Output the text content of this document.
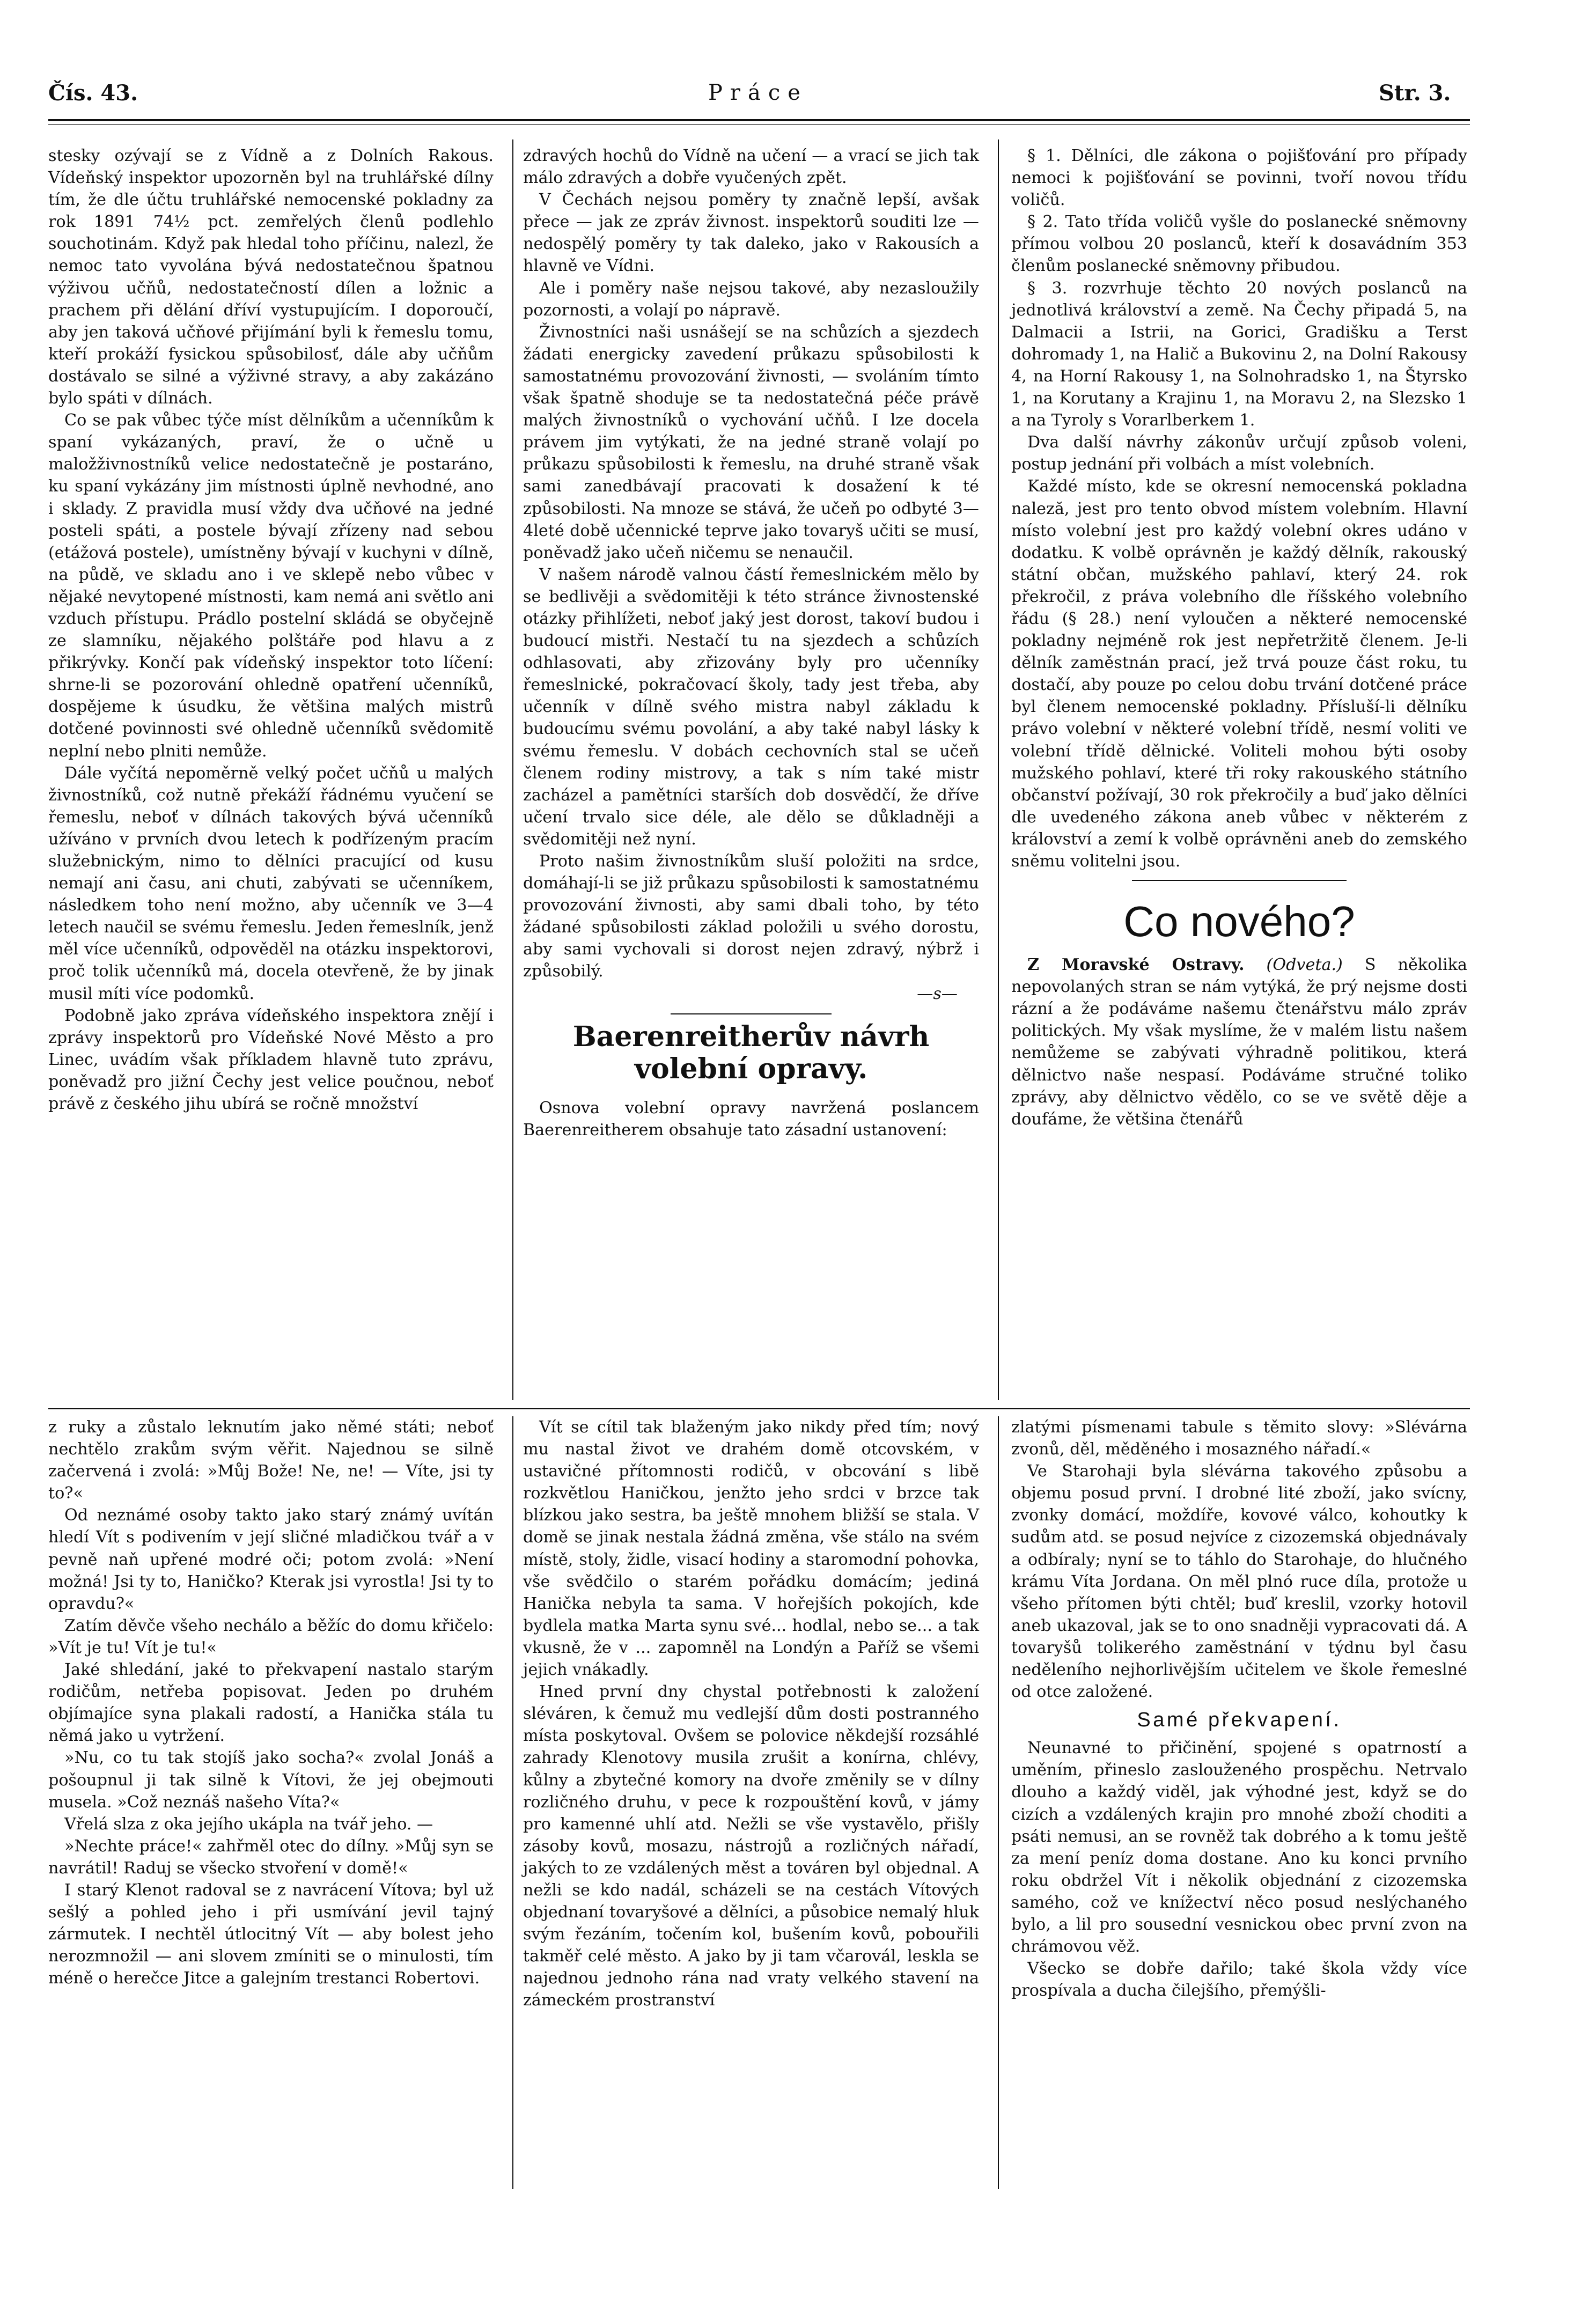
Čís. 43.	Práce	Str. 3.

stesky ozývají se z Vídně a z Dolních Rakous. Vídeňský inspektor upozorněn byl na truhlářské dílny tím, že dle účtu truhlářské nemocenské pokladny za rok 1891 74½ pct. zemřelých členů podlehlo souchotinám. Když pak hledal toho příčinu, nalezl, že nemoc tato vyvolána bývá nedostatečnou špatnou výživou učňů, nedostatečností dílen a ložnic a prachem při dělání dříví vystupujícím. I doporoučí, aby jen taková učňové přijímání byli k řemeslu tomu, kteří prokáží fysickou spůsobilosť, dále aby učňům dostávalo se silné a výživné stravy, a aby zakázáno bylo spáti v dílnách.

Co se pak vůbec týče míst dělníkům a učenníkům k spaní vykázaných, praví, že o učně u maložživnostníků velice nedostatečně je postaráno, ku spaní vykázány jim místnosti úplně nevhodné, ano i sklady. Z pravidla musí vždy dva učňové na jedné posteli spáti, a postele bývají zřízeny nad sebou (etážová postele), umístněny bývají v kuchyni v dílně, na půdě, ve skladu ano i ve sklepě nebo vůbec v nějaké nevytopené místnosti, kam nemá ani světlo ani vzduch přístupu. Prádlo postelní skládá se obyčejně ze slamníku, nějakého polštáře pod hlavu a z přikrývky. Končí pak vídeňský inspektor toto líčení: shrne-li se pozorování ohledně opatření učenníků, dospějeme k úsudku, že většina malých mistrů dotčené povinnosti své ohledně učenníků svědomitě neplní nebo plniti nemůže.

Dále vyčítá nepoměrně velký počet učňů u malých živnostníků, což nutně překáží řádnému vyučení se řemeslu, neboť v dílnách takových bývá učenníků užíváno v prvních dvou letech k podřízeným pracím služebnickým, nimo to dělníci pracující od kusu nemají ani času, ani chuti, zabývati se učenníkem, následkem toho není možno, aby učenník ve 3—4 letech naučil se svému řemeslu. Jeden řemeslník, jenž měl více učenníků, odpověděl na otázku inspektorovi, proč tolik učenníků má, docela otevřeně, že by jinak musil míti více podomků.

Podobně jako zpráva vídeňského inspektora znějí i zprávy inspektorů pro Vídeňské Nové Město a pro Linec, uvádím však příkladem hlavně tuto zprávu, poněvadž pro jižní Čechy jest velice poučnou, neboť právě z českého jihu ubírá se ročně množství

zdravých hochů do Vídně na učení — a vrací se jich tak málo zdravých a dobře vyučených zpět.

V Čechách nejsou poměry ty značně lepší, avšak přece — jak ze zpráv živnost. inspektorů souditi lze — nedospělý poměry ty tak daleko, jako v Rakousích a hlavně ve Vídni.

Ale i poměry naše nejsou takové, aby nezasloužily pozornosti, a volají po nápravě.

Živnostníci naši usnášejí se na schůzích a sjezdech žádati energicky zavedení průkazu spůsobilosti k samostatnému provozování živnosti, — svoláním tímto však špatně shoduje se ta nedostatečná péče právě malých živnostníků o vychování učňů. I lze docela právem jim vytýkati, že na jedné straně volají po průkazu spůsobilosti k řemeslu, na druhé straně však sami zanedbávají pracovati k dosažení k té způsobilosti. Na mnoze se stává, že učeň po odbyté 3—4leté době učennické teprve jako tovaryš učiti se musí, poněvadž jako učeň ničemu se nenaučil.

V našem národě valnou částí řemeslnickém mělo by se bedlivěji a svědomitěji k této stránce živnostenské otázky přihlížeti, neboť jaký jest dorost, takoví budou i budoucí mistři. Nestačí tu na sjezdech a schůzích odhlasovati, aby zřizovány byly pro učenníky řemeslnické, pokračovací školy, tady jest třeba, aby učenník v dílně svého mistra nabyl základu k budoucímu svému povolání, a aby také nabyl lásky k svému řemeslu. V dobách cechovních stal se učeň členem rodiny mistrovy, a tak s ním také mistr zacházel a pamětníci starších dob dosvědčí, že dříve učení trvalo sice déle, ale dělo se důkladněji a svědomitěji než nyní.

Proto našim živnostníkům sluší položiti na srdce, domáhají-li se již průkazu spůsobilosti k samostatnému provozování živnosti, aby sami dbali toho, by této žádané spůsobilosti základ položili u svého dorostu, aby sami vychovali si dorost nejen zdravý, nýbrž i způsobilý.

—s—
Baerenreitherův návrh volební opravy.

Osnova volební opravy navržená poslancem Baerenreitherem obsahuje tato zásadní ustanovení:

§ 1. Dělníci, dle zákona o pojišťování pro případy nemoci k pojišťování se povinni, tvoří novou třídu voličů.

§ 2. Tato třída voličů vyšle do poslanecké sněmovny přímou volbou 20 poslanců, kteří k dosavádním 353 členům poslanecké sněmovny přibudou.

§ 3. rozvrhuje těchto 20 nových poslanců na jednotlivá království a země. Na Čechy připadá 5, na Dalmacii a Istrii, na Gorici, Gradišku a Terst dohromady 1, na Halič a Bukovinu 2, na Dolní Rakousy 4, na Horní Rakousy 1, na Solnohradsko 1, na Štyrsko 1, na Korutany a Krajinu 1, na Moravu 2, na Slezsko 1 a na Tyroly s Vorarlberkem 1.

Dva další návrhy zákonův určují způsob voleni, postup jednání při volbách a míst volebních.

Každé místo, kde se okresní nemocenská pokladna naleză, jest pro tento obvod místem volebním. Hlavní místo volební jest pro každý volební okres udáno v dodatku. K volbě oprávněn je každý dělník, rakouský státní občan, mužského pahlaví, který 24. rok překročil, z práva volebního dle říšského volebního řádu (§ 28.) není vyloučen a některé nemocenské pokladny nejméně rok jest nepřetržitě členem. Je-li dělník zaměstnán prací, jež trvá pouze část roku, tu dostačí, aby pouze po celou dobu trvání dotčené práce byl členem nemocenské pokladny. Přísluší-li dělníku právo volební v některé volební třídě, nesmí voliti ve volební třídě dělnické. Voliteli mohou býti osoby mužského pohlaví, které tři roky rakouského státního občanství požívají, 30 rok překročily a buď jako dělníci dle uvedeného zákona aneb vůbec v některém z království a zemí k volbě oprávněni aneb do zemského sněmu volitelni jsou.

Co nového?

Z Moravské Ostravy. (Odveta.) S několika nepovolaných stran se nám vytýká, že prý nejsme dosti rázní a že podáváme našemu čtenářstvu málo zpráv politických. My však myslíme, že v malém listu našem nemůžeme se zabývati výhradně politikou, která dělnictvo naše nespasí. Podáváme stručné toliko zprávy, aby dělnictvo vědělo, co se ve světě děje a doufáme, že většina čtenářů

z ruky a zůstalo leknutím jako němé státi; neboť nechtělo zrakům svým věřit. Najednou se silně začervená i zvolá: »Můj Bože! Ne, ne! — Víte, jsi ty to?«

Od neznámé osoby takto jako starý známý uvítán hledí Vít s podivením v její sličné mladičkou tvář a v pevně naň upřené modré oči; potom zvolá: »Není možná! Jsi ty to, Haničko? Kterak jsi vyrostla! Jsi ty to opravdu?«

Zatím děvče všeho nechálo a běžíc do domu křičelo: »Vít je tu! Vít je tu!«

Jaké shledání, jaké to překvapení nastalo starým rodičům, netřeba popisovat. Jeden po druhém objímajíce syna plakali radostí, a Hanička stála tu němá jako u vytržení.

»Nu, co tu tak stojíš jako socha?« zvolal Jonáš a pošoupnul ji tak silně k Vítovi, že jej obejmouti musela. »Což neznáš našeho Víta?«

Vřelá slza z oka jejího ukápla na tvář jeho. —

»Nechte práce!« zahřměl otec do dílny. »Můj syn se navrátil! Raduj se všecko stvoření v domě!«

I starý Klenot radoval se z navrácení Vítova; byl už sešlý a pohled jeho i při usmívání jevil tajný zármutek. I nechtěl útlocitný Vít — aby bolest jeho nerozmnožil — ani slovem zmíniti se o minulosti, tím méně o herečce Jitce a galejním trestanci Robertovi.

Vít se cítil tak blaženým jako nikdy před tím; nový mu nastal život ve drahém domě otcovském, v ustavičné přítomnosti rodičů, v obcování s libě rozkvětlou Haničkou, jenžto jeho srdci v brzce tak blízkou jako sestra, ba ještě mnohem bližší se stala. V domě se jinak nestala žádná změna, vše stálo na svém místě, stoly, židle, visací hodiny a staromodní pohovka, vše svědčilo o starém pořádku domácím; jediná Hanička nebyla ta sama. V hořejších pokojích, kde bydlela matka Marta synu své... hodlal, nebo se... a tak vkusně, že v ... zapomněl na Londýn a Paříž se všemi jejich vnákadly.

Hned první dny chystal potřebnosti k založení sléváren, k čemuž mu vedlejší dům dosti postranného místa poskytoval. Ovšem se polovice někdejší rozsáhlé zahrady Klenotovy musila zrušit a konírna, chlévy, kůlny a zbytečné komory na dvoře změnily se v dílny rozličného druhu, v pece k rozpouštění kovů, v jámy pro kamenné uhlí atd. Nežli se vše vystavělo, přišly zásoby kovů, mosazu, nástrojů a rozličných nářadí, jakých to ze vzdálených měst a továren byl objednal. A nežli se kdo nadál, scházeli se na cestách Vítových objednaní tovaryšové a dělníci, a působice nemalý hluk svým řezáním, točením kol, bušením kovů, pobouřili takměř celé město. A jako by ji tam včarovál, leskla se najednou jednoho rána nad vraty velkého stavení na zámeckém prostranství

zlatými písmenami tabule s těmito slovy: »Slévárna zvonů, děl, měděného i mosazného nářadí.«

Ve Starohaji byla slévárna takového způsobu a objemu posud první. I drobné lité zboží, jako svícny, zvonky domácí, moždíře, kovové válco, kohoutky k sudům atd. se posud nejvíce z cizozemská objednávaly a odbíraly; nyní se to táhlo do Starohaje, do hlučného krámu Víta Jordana. On měl plnó ruce díla, protože u všeho přítomen býti chtěl; buď kreslil, vzorky hotovil aneb ukazoval, jak se to ono snadněji vypracovati dá. A tovaryšů tolikerého zaměstnání v týdnu byl času neděleního nejhorlivějším učitelem ve škole řemeslné od otce založené.

Samé překvapení.

Neunavné to přičinění, spojené s opatrností a uměním, přineslo zaslouženého prospěchu. Netrvalo dlouho a každý viděl, jak výhodné jest, když se do cizích a vzdálených krajin pro mnohé zboží choditi a psáti nemusi, an se rovněž tak dobrého a k tomu ještě za mení peníz doma dostane. Ano ku konci prvního roku obdržel Vít i několik objednání z cizozemska samého, což ve knížectví něco posud neslýchaného bylo, a lil pro sousední vesnickou obec první zvon na chrámovou věž.

Všecko se dobře dařilo; také škola vždy více prospívala a ducha čilejšího, přemýšli-
